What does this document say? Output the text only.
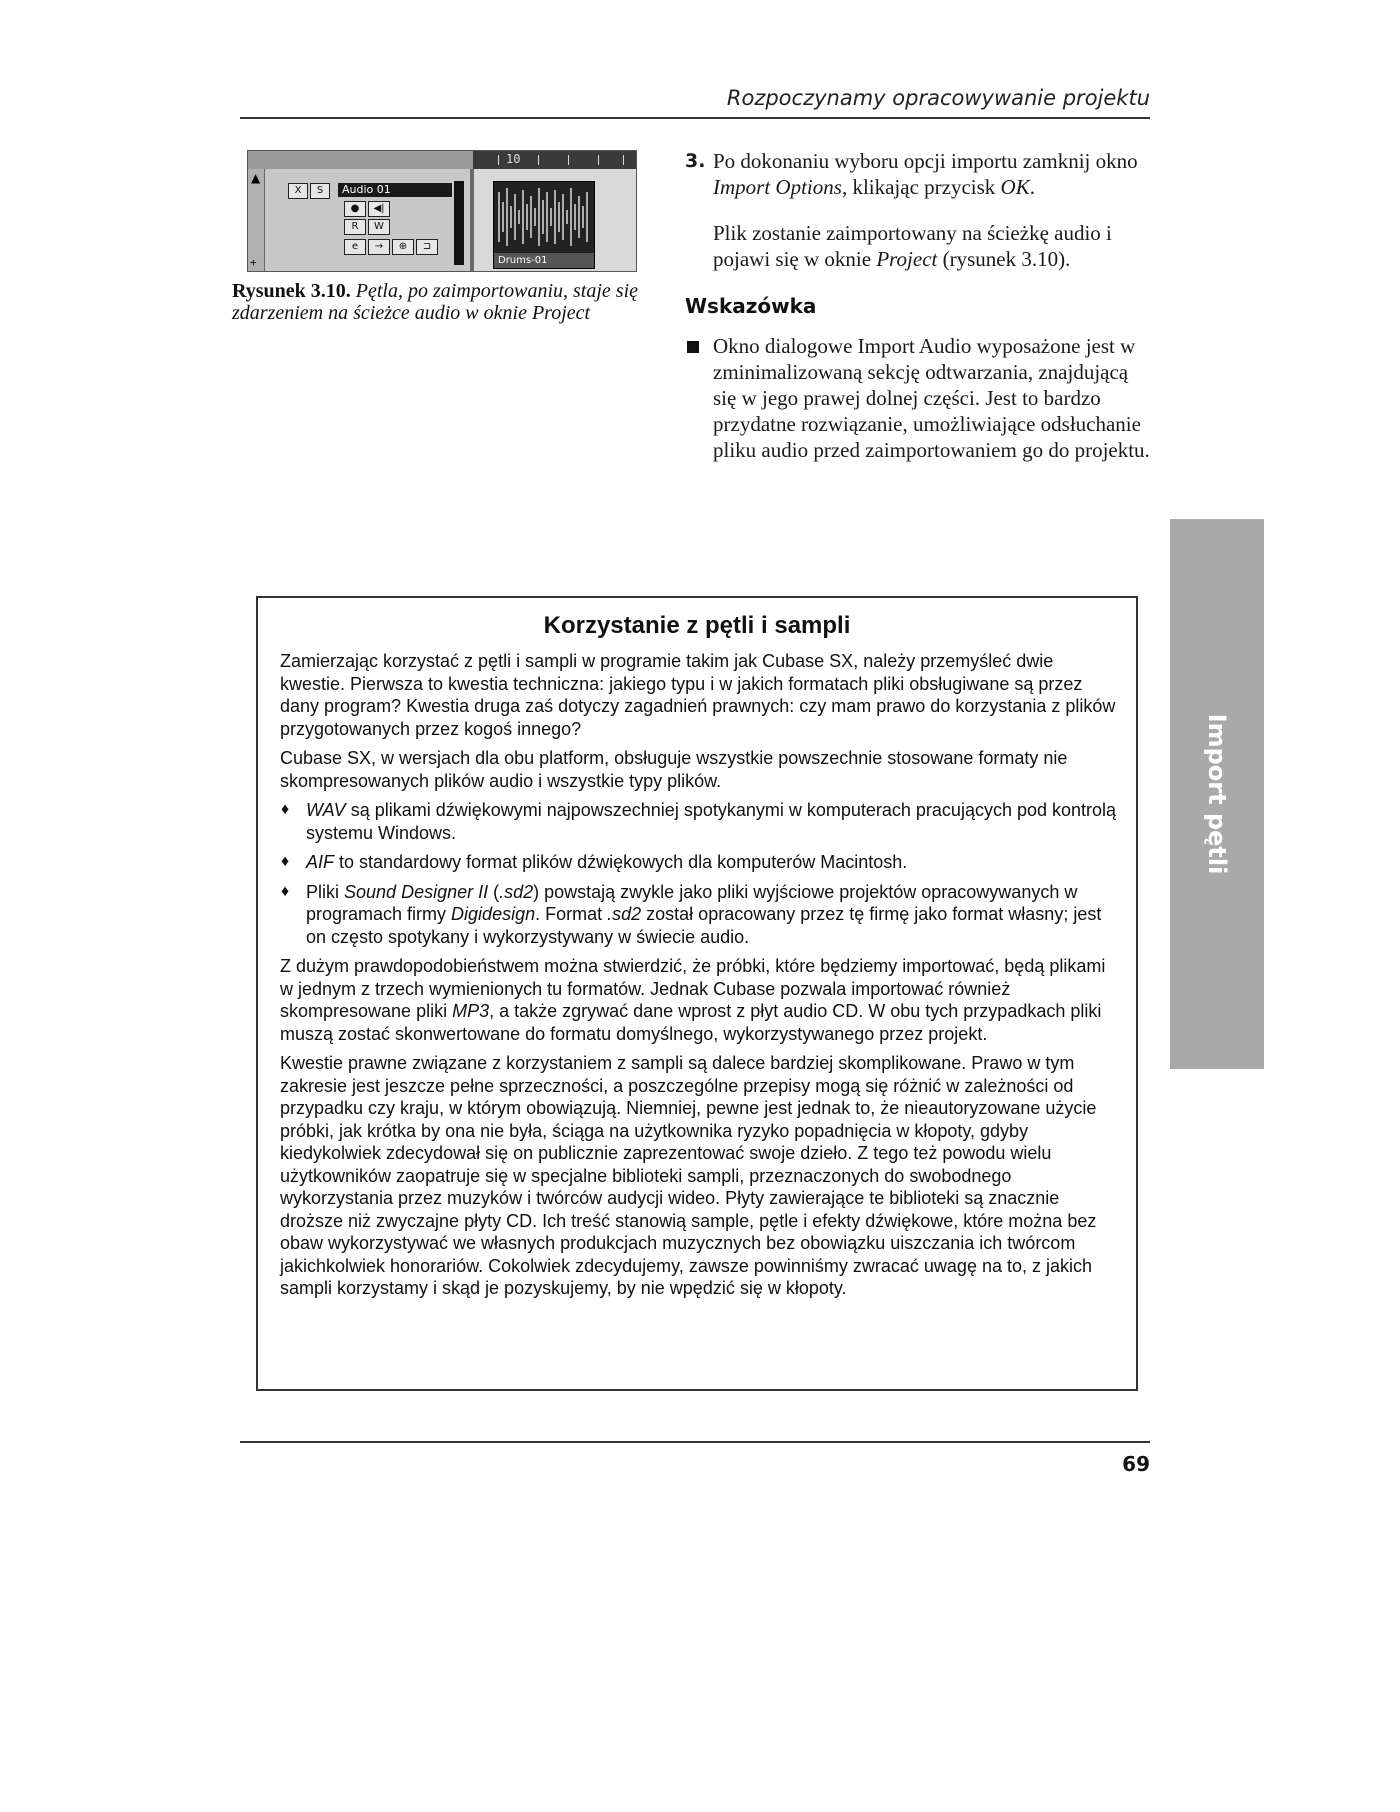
Rozpoczynamy opracowywanie projektu
10
▲
X	S	Audio 01
●	◀|
R	W
e	→	⊕	⊐
Drums-01
+
Rysunek 3.10. Pętla, po zaimportowaniu, staje się zdarzeniem na ścieżce audio w oknie Project
3. Po dokonaniu wyboru opcji importu zamknij okno Import Options, klikając przycisk OK.
Plik zostanie zaimportowany na ścieżkę audio i pojawi się w oknie Project (rysunek 3.10).
Wskazówka
Okno dialogowe Import Audio wyposażone jest w zminimalizowaną sekcję odtwarzania, znajdującą się w jego prawej dolnej części. Jest to bardzo przydatne rozwiązanie, umożliwiające odsłuchanie pliku audio przed zaimportowaniem go do projektu.
Import pętli
Korzystanie z pętli i sampli

Zamierzając korzystać z pętli i sampli w programie takim jak Cubase SX, należy przemyśleć dwie kwestie. Pierwsza to kwestia techniczna: jakiego typu i w jakich formatach pliki obsługiwane są przez dany program? Kwestia druga zaś dotyczy zagadnień prawnych: czy mam prawo do korzystania z plików przygotowanych przez kogoś innego?

Cubase SX, w wersjach dla obu platform, obsługuje wszystkie powszechnie stosowane formaty nie skompresowanych plików audio i wszystkie typy plików.

♦ WAV są plikami dźwiękowymi najpowszechniej spotykanymi w komputerach pracujących pod kontrolą systemu Windows.
♦ AIF to standardowy format plików dźwiękowych dla komputerów Macintosh.
♦ Pliki Sound Designer II (.sd2) powstają zwykle jako pliki wyjściowe projektów opracowywanych w programach firmy Digidesign. Format .sd2 został opracowany przez tę firmę jako format własny; jest on często spotykany i wykorzystywany w świecie audio.

Z dużym prawdopodobieństwem można stwierdzić, że próbki, które będziemy importować, będą plikami w jednym z trzech wymienionych tu formatów. Jednak Cubase pozwala importować również skompresowane pliki MP3, a także zgrywać dane wprost z płyt audio CD. W obu tych przypadkach pliki muszą zostać skonwertowane do formatu domyślnego, wykorzystywanego przez projekt.

Kwestie prawne związane z korzystaniem z sampli są dalece bardziej skomplikowane. Prawo w tym zakresie jest jeszcze pełne sprzeczności, a poszczególne przepisy mogą się różnić w zależności od przypadku czy kraju, w którym obowiązują. Niemniej, pewne jest jednak to, że nieautoryzowane użycie próbki, jak krótka by ona nie była, ściąga na użytkownika ryzyko popadnięcia w kłopoty, gdyby kiedykolwiek zdecydował się on publicznie zaprezentować swoje dzieło. Z tego też powodu wielu użytkowników zaopatruje się w specjalne biblioteki sampli, przeznaczonych do swobodnego wykorzystania przez muzyków i twórców audycji wideo. Płyty zawierające te biblioteki są znacznie droższe niż zwyczajne płyty CD. Ich treść stanowią sample, pętle i efekty dźwiękowe, które można bez obaw wykorzystywać we własnych produkcjach muzycznych bez obowiązku uiszczania ich twórcom jakichkolwiek honorariów. Cokolwiek zdecydujemy, zawsze powinniśmy zwracać uwagę na to, z jakich sampli korzystamy i skąd je pozyskujemy, by nie wpędzić się w kłopoty.

69
